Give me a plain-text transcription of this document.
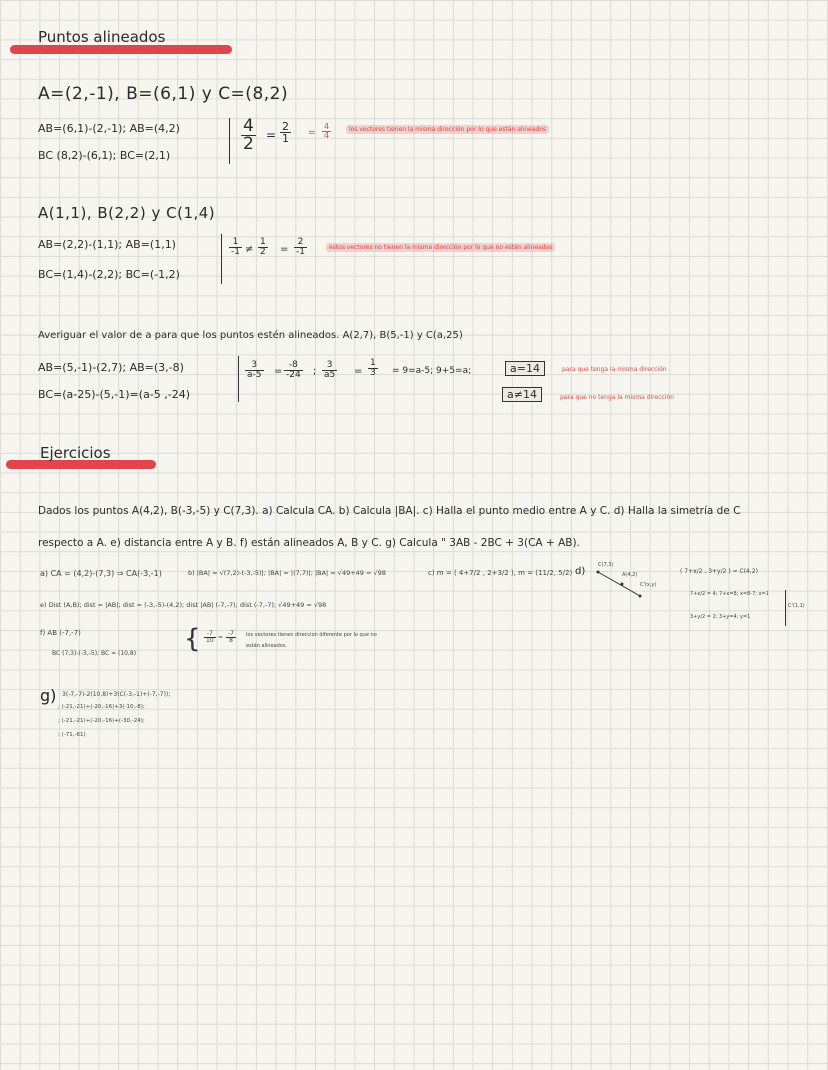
Puntos alineados
A=(2,-1), B=(6,1) y C=(8,2)
AB=(6,1)-(2,-1); AB=(4,2)
BC (8,2)-(6,1); BC=(2,1)
$\frac{4}{2} = \frac{2}{1} = \frac{4}{4}$	los vectores tienen la misma dirección por lo que están alineados
A(1,1), B(2,2) y C(1,4)
AB=(2,2)-(1,1); AB=(1,1)
BC=(1,4)-(2,2); BC=(-1,2)
$\frac{1}{-1} \ne \frac{1}{2} = \frac{2}{-1}$	estos vectores no tienen la misma dirección por lo que no están alineados
Averiguar el valor de a para que los puntos estén alineados. A(2,7), B(5,-1) y C(a,25)
AB=(5,-1)-(2,7); AB=(3,-8)
BC=(a-25)-(5,-1)=(a-5 ,-24)
$\frac{3}{a-5} = \frac{-8}{-24}$ ; $\frac{3}{a5} = \frac{1}{3} = 9=a-5$; 9+5=a;	a=14
a≠14
para que tenga la misma dirección
para que no tenga la misma dirección
Ejercicios
Dados los puntos A(4,2), B(-3,-5) y C(7,3). a) Calcula CA. b) Calcula |BA|. c) Halla el punto medio entre A y C. d) Halla la simetría de C
respecto a A. e) distancia entre A y B. f) están alineados A, B y C. g) Calcula " 3AB - 2BC + 3(CA + AB).
a) CA = (4,2)-(7,3) ⇒ CA(-3,-1)	b) |BA| = √(7,2)-(-3,-5)|; |BA| = |(7,7)|; |BA| = √49+49 = √98	c) m = ( 4+7/2 , 2+3/2 ), m = (11/2, 5/2) d)
C(7,3)
A(4,2)
C'(x,y)
( 7+x/2 , 3+y/2 ) = C(4,2)
7+x/2 = 4; 7+x=8; x=8-7; x=1
3+y/2 = 2; 3+y=4; y=1
C'(1,1)
e) Dist (A,B); dist = |AB|; dist = (-3,-5)-(4,2); dist |AB| (-7,-7); dist (-7,-7); √49+49 = √98
f) AB (-7,-7)
BC (7,3)-(-3,-5); BC = (10,8) { $\frac{-7}{10} = \frac{-7}{8}$ los vectores tienen dirección diferente por lo que no
están alineados.
g) 3(-7,-7)-2(10,8)+3(C(-3,-1)+(-7,-7));
; (-21,-21)+(-20,-16)+3(-10,-8);
; (-21,-21)+(-20,-16)+(-30,-24);
; (-71,-61)
